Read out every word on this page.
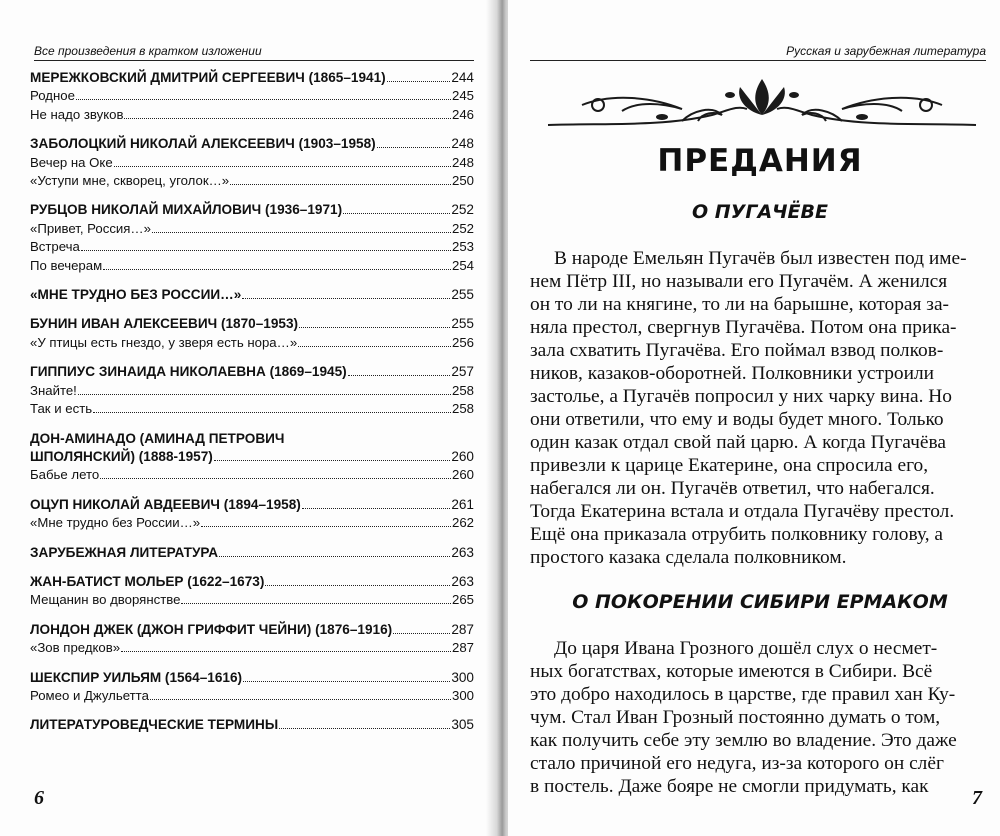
Все произведения в кратком изложении
МЕРЕЖКОВСКИЙ ДМИТРИЙ СЕРГЕЕВИЧ (1865–1941)	244
Родное	245
Не надо звуков	246
ЗАБОЛОЦКИЙ НИКОЛАЙ АЛЕКСЕЕВИЧ (1903–1958)	248
Вечер на Оке	248
«Уступи мне, скворец, уголок…»	250
РУБЦОВ НИКОЛАЙ МИХАЙЛОВИЧ (1936–1971)	252
«Привет, Россия…»	252
Встреча	253
По вечерам	254
«МНЕ ТРУДНО БЕЗ РОССИИ…»	255
БУНИН ИВАН АЛЕКСЕЕВИЧ (1870–1953)	255
«У птицы есть гнездо, у зверя есть нора…»	256
ГИППИУС ЗИНАИДА НИКОЛАЕВНА (1869–1945)	257
Знайте!	258
Так и есть	258
ДОН-АМИНАДО (АМИНАД ПЕТРОВИЧ
ШПОЛЯНСКИЙ) (1888-1957)	260
Бабье лето	260
ОЦУП НИКОЛАЙ АВДЕЕВИЧ (1894–1958)	261
«Мне трудно без России…»	262
ЗАРУБЕЖНАЯ ЛИТЕРАТУРА	263
ЖАН-БАТИСТ МОЛЬЕР (1622–1673)	263
Мещанин во дворянстве	265
ЛОНДОН ДЖЕК (ДЖОН ГРИФФИТ ЧЕЙНИ) (1876–1916)	287
«Зов предков»	287
ШЕКСПИР УИЛЬЯМ (1564–1616)	300
Ромео и Джульетта	300
ЛИТЕРАТУРОВЕДЧЕСКИЕ ТЕРМИНЫ	305
6
Русская и зарубежная литература
ПРЕДАНИЯ
О ПУГАЧЁВЕ
В народе Емельян Пугачёв был известен под име-
нем Пётр III, но называли его Пугачём. А женился
он то ли на княгине, то ли на барышне, которая за-
няла престол, свергнув Пугачёва. Потом она прика-
зала схватить Пугачёва. Его поймал взвод полков-
ников, казаков-оборотней. Полковники устроили
застолье, а Пугачёв попросил у них чарку вина. Но
они ответили, что ему и воды будет много. Только
один казак отдал свой пай царю. А когда Пугачёва
привезли к царице Екатерине, она спросила его,
набегался ли он. Пугачёв ответил, что набегался.
Тогда Екатерина встала и отдала Пугачёву престол.
Ещё она приказала отрубить полковнику голову, а
простого казака сделала полковником.
О ПОКОРЕНИИ СИБИРИ ЕРМАКОМ
До царя Ивана Грозного дошёл слух о несмет-
ных богатствах, которые имеются в Сибири. Всё
это добро находилось в царстве, где правил хан Ку-
чум. Стал Иван Грозный постоянно думать о том,
как получить себе эту землю во владение. Это даже
стало причиной его недуга, из-за которого он слёг
в постель. Даже бояре не смогли придумать, как
7
